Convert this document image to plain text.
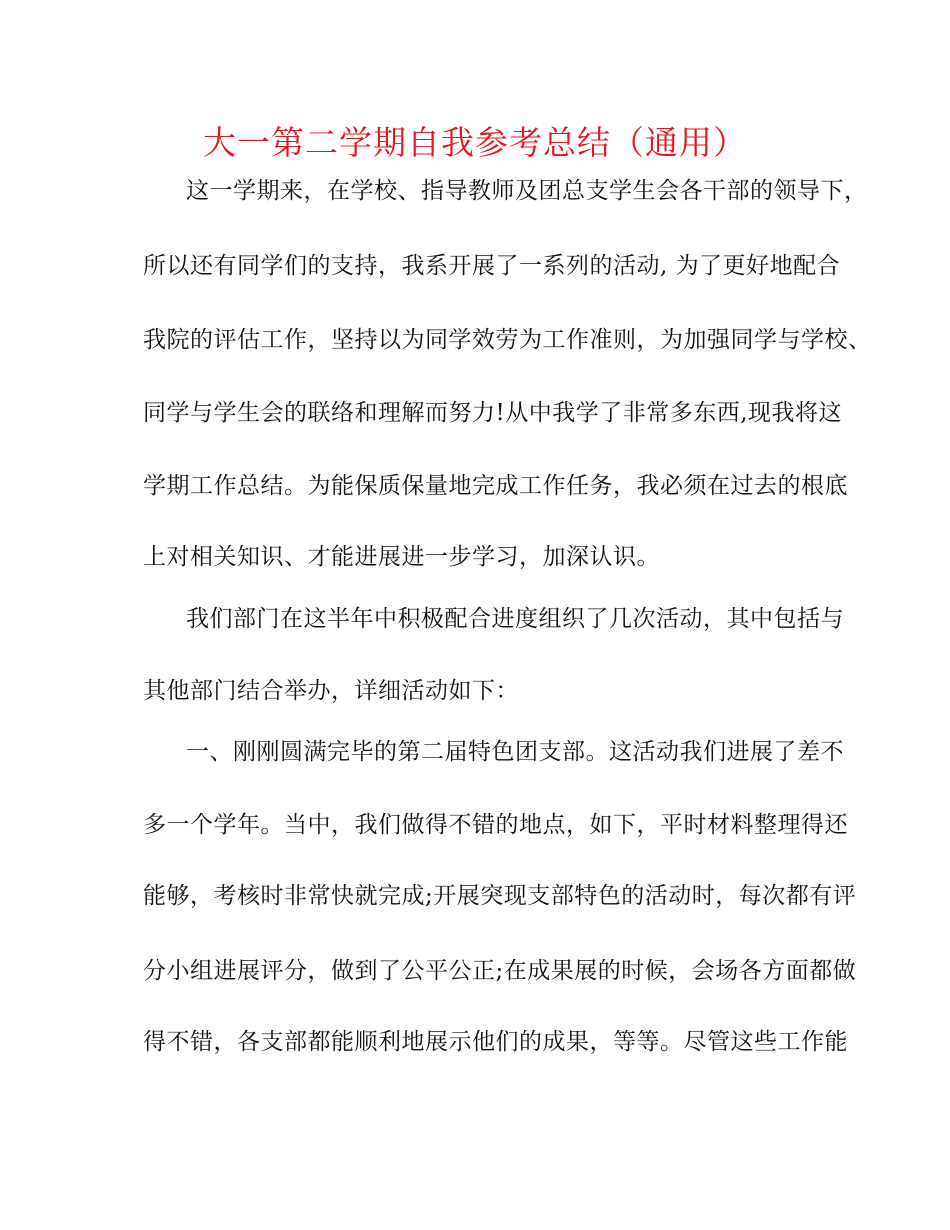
大一第二学期自我参考总结（通用）
这一学期来，在学校、指导教师及团总支学生会各干部的领导下，
所以还有同学们的支持，我系开展了一系列的活动, 为了更好地配合
我院的评估工作，坚持以为同学效劳为工作准则，为加强同学与学校、
同学与学生会的联络和理解而努力!从中我学了非常多东西,现我将这
学期工作总结。为能保质保量地完成工作任务，我必须在过去的根底
上对相关知识、才能进展进一步学习，加深认识。
我们部门在这半年中积极配合进度组织了几次活动，其中包括与
其他部门结合举办，详细活动如下：
一、刚刚圆满完毕的第二届特色团支部。这活动我们进展了差不
多一个学年。当中，我们做得不错的地点，如下，平时材料整理得还
能够，考核时非常快就完成;开展突现支部特色的活动时，每次都有评
分小组进展评分，做到了公平公正;在成果展的时候，会场各方面都做
得不错，各支部都能顺利地展示他们的成果，等等。尽管这些工作能
